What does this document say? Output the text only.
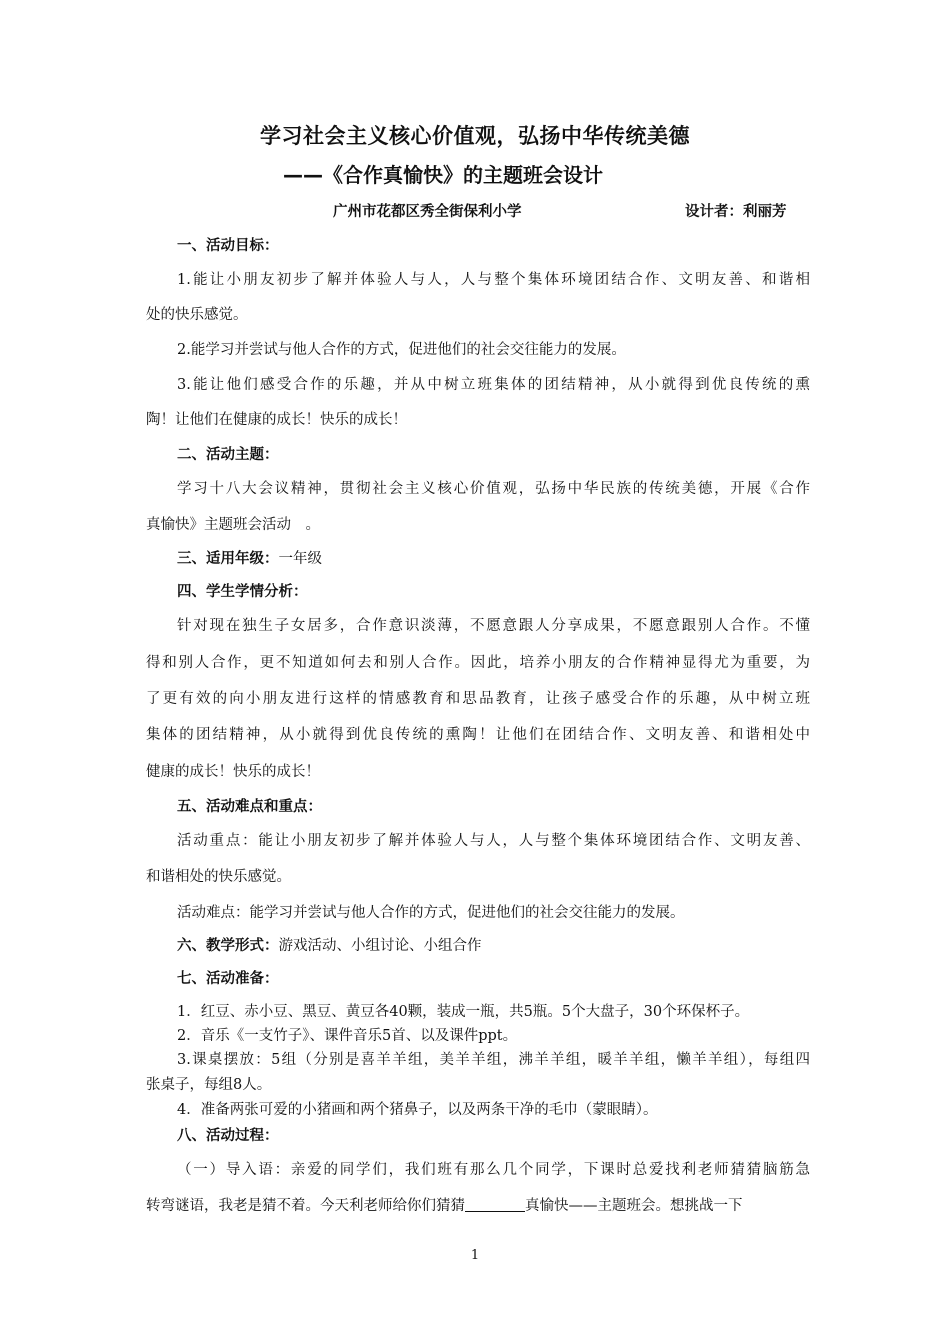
学习社会主义核心价值观，弘扬中华传统美德
——《合作真愉快》的主题班会设计
广州市花都区秀全街保利小学	设计者：利丽芳
一、活动目标：
1.能让小朋友初步了解并体验人与人，人与整个集体环境团结合作、文明友善、和谐相
处的快乐感觉。
2.能学习并尝试与他人合作的方式，促进他们的社会交往能力的发展。
3.能让他们感受合作的乐趣，并从中树立班集体的团结精神，从小就得到优良传统的熏
陶！让他们在健康的成长！快乐的成长！
二、活动主题：
学习十八大会议精神，贯彻社会主义核心价值观，弘扬中华民族的传统美德，开展《合作
真愉快》主题班会活动　。
三、适用年级：一年级
四、学生学情分析：
针对现在独生子女居多，合作意识淡薄，不愿意跟人分享成果，不愿意跟别人合作。不懂
得和别人合作，更不知道如何去和别人合作。因此，培养小朋友的合作精神显得尤为重要，为
了更有效的向小朋友进行这样的情感教育和思品教育，让孩子感受合作的乐趣，从中树立班
集体的团结精神，从小就得到优良传统的熏陶！让他们在团结合作、文明友善、和谐相处中
健康的成长！快乐的成长！
五、活动难点和重点：
活动重点：能让小朋友初步了解并体验人与人，人与整个集体环境团结合作、文明友善、
和谐相处的快乐感觉。
活动难点：能学习并尝试与他人合作的方式，促进他们的社会交往能力的发展。
六、教学形式：游戏活动、小组讨论、小组合作
七、活动准备：
1．红豆、赤小豆、黑豆、黄豆各40颗，装成一瓶，共5瓶。5个大盘子，30个环保杯子。
2．音乐《一支竹子》、课件音乐5首、以及课件ppt。
3.课桌摆放：5组（分别是喜羊羊组，美羊羊组，沸羊羊组，暖羊羊组，懒羊羊组），每组四
张桌子，每组8人。
4．准备两张可爱的小猪画和两个猪鼻子，以及两条干净的毛巾（蒙眼睛）。
八、活动过程：
（一）导入语：亲爱的同学们，我们班有那么几个同学，下课时总爱找利老师猜猜脑筋急
转弯谜语，我老是猜不着。今天利老师给你们猜猜	真愉快——主题班会。想挑战一下
1
